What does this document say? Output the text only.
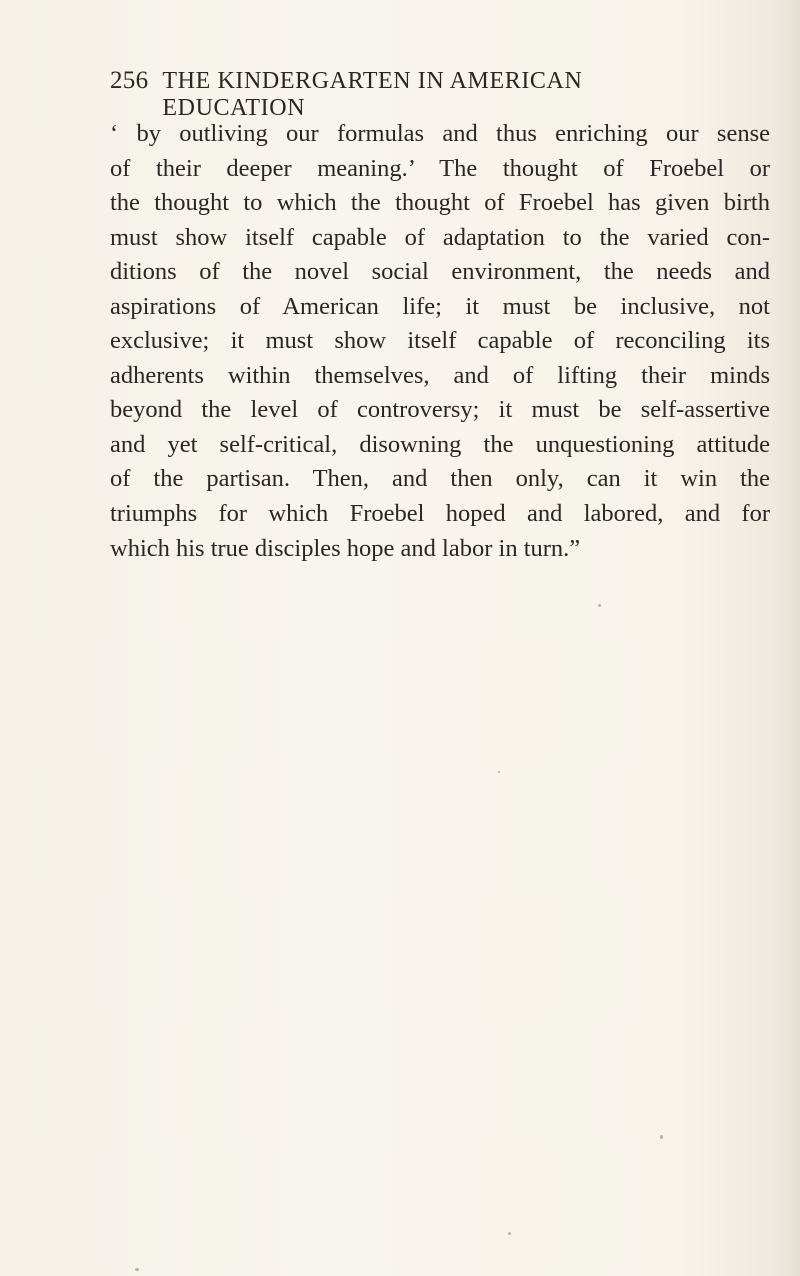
256 THE KINDERGARTEN IN AMERICAN EDUCATION
‘ by outliving our formulas and thus enriching our sense
of their deeper meaning.’ The thought of Froebel or
the thought to which the thought of Froebel has given birth
must show itself capable of adaptation to the varied con-
ditions of the novel social environment, the needs and
aspirations of American life; it must be inclusive, not
exclusive; it must show itself capable of reconciling its
adherents within themselves, and of lifting their minds
beyond the level of controversy; it must be self-assertive
and yet self-critical, disowning the unquestioning attitude
of the partisan. Then, and then only, can it win the
triumphs for which Froebel hoped and labored, and for
which his true disciples hope and labor in turn.”
